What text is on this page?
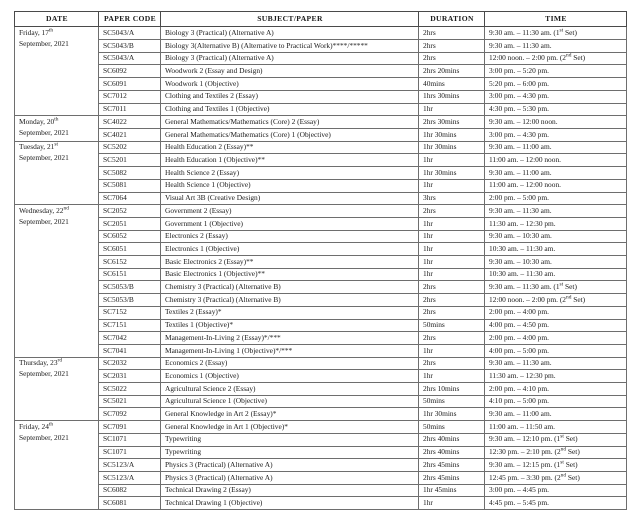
DATE	PAPER CODE	SUBJECT/PAPER	DURATION	TIME
Friday, 17th
September, 2021	SC5043/A	Biology 3 (Practical) (Alternative A)	2hrs	9:30 am. – 11:30 am. (1st Set)
	SC5043/B	Biology 3(Alternative B) (Alternative to Practical Work)****/*****	2hrs	9:30 am. – 11:30 am.
	SC5043/A	Biology 3 (Practical) (Alternative A)	2hrs	12:00 noon. – 2:00 pm. (2nd Set)
	SC6092	Woodwork 2 (Essay and Design)	2hrs 20mins	3:00 pm. – 5:20 pm.
	SC6091	Woodwork 1 (Objective)	40mins	5:20 pm. – 6:00 pm.
	SC7012	Clothing and Textiles 2 (Essay)	1hrs 30mins	3:00 pm. – 4:30 pm.
	SC7011	Clothing and Textiles 1 (Objective)	1hr	4:30 pm. – 5:30 pm.
Monday, 20th
September, 2021	SC4022	General Mathematics/Mathematics (Core) 2 (Essay)	2hrs 30mins	9:30 am. – 12:00 noon.
	SC4021	General Mathematics/Mathematics (Core) 1 (Objective)	1hr 30mins	3:00 pm. – 4:30 pm.
Tuesday, 21st
September, 2021	SC5202	Health Education 2 (Essay)**	1hr 30mins	9:30 am. – 11:00 am.
	SC5201	Health Education 1 (Objective)**	1hr	11:00 am. – 12:00 noon.
	SC5082	Health Science 2 (Essay)	1hr 30mins	9:30 am. – 11:00 am.
	SC5081	Health Science 1 (Objective)	1hr	11:00 am. – 12:00 noon.
	SC7064	Visual Art 3B (Creative Design)	3hrs	2:00 pm. – 5:00 pm.
Wednesday, 22nd
September, 2021	SC2052	Government 2 (Essay)	2hrs	9:30 am. – 11:30 am.
	SC2051	Government 1 (Objective)	1hr	11:30 am. – 12:30 pm.
	SC6052	Electronics 2 (Essay)	1hr	9:30 am. – 10:30 am.
	SC6051	Electronics 1 (Objective)	1hr	10:30 am. – 11:30 am.
	SC6152	Basic Electronics 2 (Essay)**	1hr	9:30 am. – 10:30 am.
	SC6151	Basic Electronics 1 (Objective)**	1hr	10:30 am. – 11:30 am.
	SC5053/B	Chemistry 3 (Practical) (Alternative B)	2hrs	9:30 am. – 11:30 am. (1st Set)
	SC5053/B	Chemistry 3 (Practical) (Alternative B)	2hrs	12:00 noon. – 2:00 pm. (2nd Set)
	SC7152	Textiles 2 (Essay)*	2hrs	2:00 pm. – 4:00 pm.
	SC7151	Textiles 1 (Objective)*	50mins	4:00 pm. – 4:50 pm.
	SC7042	Management-In-Living 2 (Essay)*/***	2hrs	2:00 pm. – 4:00 pm.
	SC7041	Management-In-Living 1 (Objective)*/***	1hr	4:00 pm. – 5:00 pm.
Thursday, 23rd
September, 2021	SC2032	Economics 2 (Essay)	2hrs	9:30 am. – 11:30 am.
	SC2031	Economics 1 (Objective)	1hr	11:30 am. – 12:30 pm.
	SC5022	Agricultural Science 2 (Essay)	2hrs 10mins	2:00 pm. – 4:10 pm.
	SC5021	Agricultural Science 1 (Objective)	50mins	4:10 pm. – 5:00 pm.
	SC7092	General Knowledge in Art 2 (Essay)*	1hr 30mins	9:30 am. – 11:00 am.
Friday, 24th
September, 2021	SC7091	General Knowledge in Art 1 (Objective)*	50mins	11:00 am. – 11:50 am.
	SC1071	Typewriting	2hrs 40mins	9:30 am. – 12:10 pm. (1st Set)
	SC1071	Typewriting	2hrs 40mins	12:30 pm. – 2:10 pm. (2nd Set)
	SC5123/A	Physics 3 (Practical) (Alternative A)	2hrs 45mins	9:30 am. – 12:15 pm. (1st Set)
	SC5123/A	Physics 3 (Practical) (Alternative A)	2hrs 45mins	12:45 pm. – 3:30 pm. (2nd Set)
	SC6082	Technical Drawing 2 (Essay)	1hr 45mins	3:00 pm. – 4:45 pm.
	SC6081	Technical Drawing 1 (Objective)	1hr	4:45 pm. – 5:45 pm.
